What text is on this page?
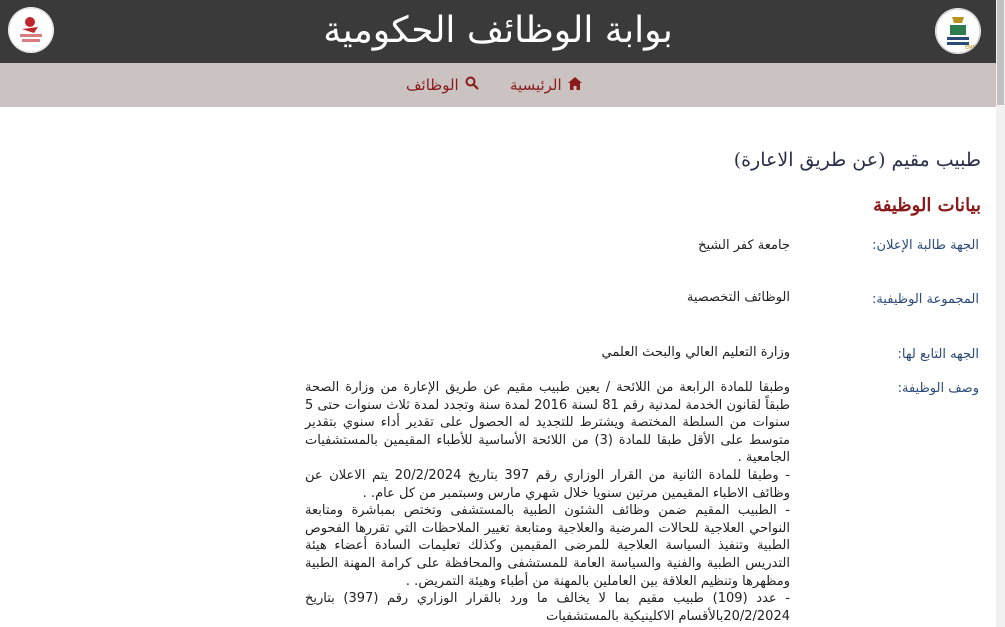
بوابة الوظائف الحكومية	EMP
الرئيسية
الوظائف
طبيب مقيم (عن طريق الاعارة)
بيانات الوظيفة
الجهة طالبة الإعلان:
جامعة كفر الشيخ
المجموعة الوظيفية:
الوظائف التخصصية
الجهه التابع لها:
وزارة التعليم العالي والبحث العلمي
وصف الوظيفة:
وطبقا للمادة الرابعة من اللائحة / يعين طبيب مقيم عن طريق الإعارة من وزارة الصحة طبقاً لقانون الخدمة لمدنية رقم 81 لسنة 2016 لمدة سنة وتجدد لمدة ثلاث سنوات حتى 5 سنوات من السلطة المختصة ويشترط للتجديد له الحصول على تقدير أداء سنوي بتقدير متوسط على الأقل طبقا للمادة (3) من اللائحة الأساسية للأطباء المقيمين بالمستشفيات الجامعية .
- وطبقا للمادة الثانية من القرار الوزاري رقم 397 بتاريخ 20/2/2024 يتم الاعلان عن وظائف الاطباء المقيمين مرتين سنويا خلال شهري مارس وسبتمبر من كل عام. .
- الطبيب المقيم ضمن وظائف الشئون الطبية بالمستشفى وتختص بمباشرة ومتابعة النواحي العلاجية للحالات المرضية والعلاجية ومتابعة تغيير الملاحظات التي تقررها الفحوص الطبية وتنفيذ السياسة العلاجية للمرضى المقيمين وكذلك تعليمات السادة أعضاء هيئة التدريس الطبية والفنية والسياسة العامة للمستشفى والمحافظة على كرامة المهنة الطبية ومظهرها وتنظيم العلاقة بين العاملين بالمهنة من أطباء وهيئة التمريض. .
- عدد (109) طبيب مقيم بما لا يخالف ما ورد بالقرار الوزاري رقم (397) بتاريخ 20/2/2024بالأقسام الاكلينيكية بالمستشفيات
